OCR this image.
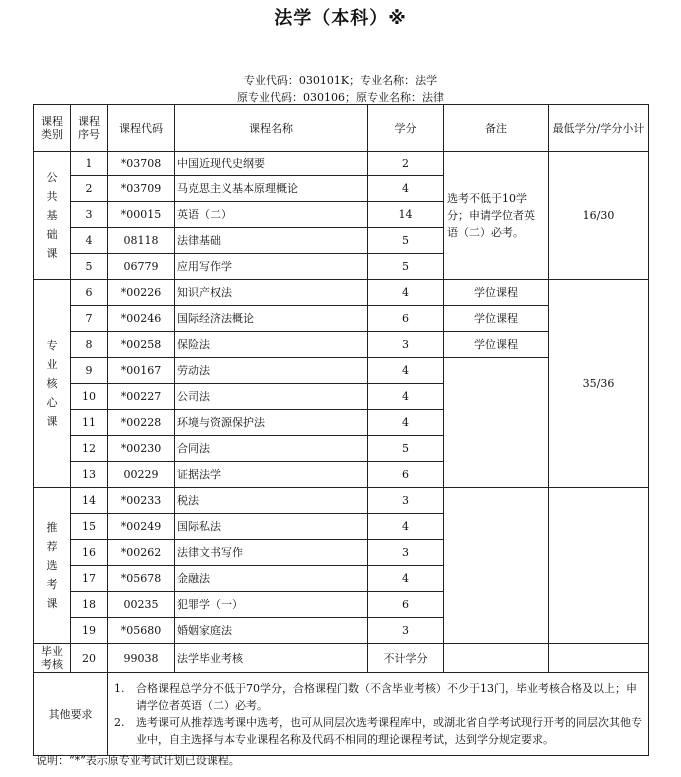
法学（本科）※
专业代码：030101K；专业名称：法学
原专业代码：030106；原专业名称：法律
课程类别	课程序号	课程代码	课程名称	学分	备注	最低学分/学分小计
公
共
基
础
课	1	*03708	中国近现代史纲要	2	选考不低于10学分；申请学位者英语（二）必考。	16/30
	2	*03709	马克思主义基本原理概论	4		
	3	*00015	英语（二）	14		
	4	08118	法律基础	5		
	5	06779	应用写作学	5		
专
业
核
心
课	6	*00226	知识产权法	4	学位课程	35/36
	7	*00246	国际经济法概论	6	学位课程	
	8	*00258	保险法	3	学位课程	
	9	*00167	劳动法	4		
	10	*00227	公司法	4		
	11	*00228	环境与资源保护法	4		
	12	*00230	合同法	5		
	13	00229	证据法学	6		
推
荐
选
考
课	14	*00233	税法	3		
	15	*00249	国际私法	4		
	16	*00262	法律文书写作	3		
	17	*05678	金融法	4		
	18	00235	犯罪学（一）	6		
	19	*05680	婚姻家庭法	3		
毕业考核	20	99038	法学毕业考核	不计学分		
其他要求		1. 合格课程总学分不低于70学分，合格课程门数（不含毕业考核）不少于13门，毕业考核合格及以上；申请学位者英语（二）必考。
2. 选考课可从推荐选考课中选考，也可从同层次选考课程库中，或湖北省自学考试现行开考的同层次其他专业中，自主选择与本专业课程名称及代码不相同的理论课程考试，达到学分规定要求。				
说明：“*”表示原专业考试计划已设课程。
